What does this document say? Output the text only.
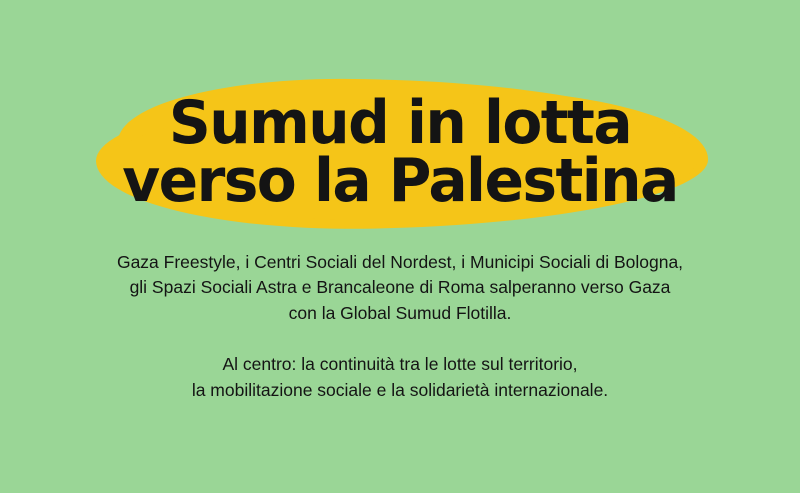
Sumud in lotta
verso la Palestina

Gaza Freestyle, i Centri Sociali del Nordest, i Municipi Sociali di Bologna,
gli Spazi Sociali Astra e Brancaleone di Roma salperanno verso Gaza
con la Global Sumud Flotilla.

Al centro: la continuità tra le lotte sul territorio,
la mobilitazione sociale e la solidarietà internazionale.
